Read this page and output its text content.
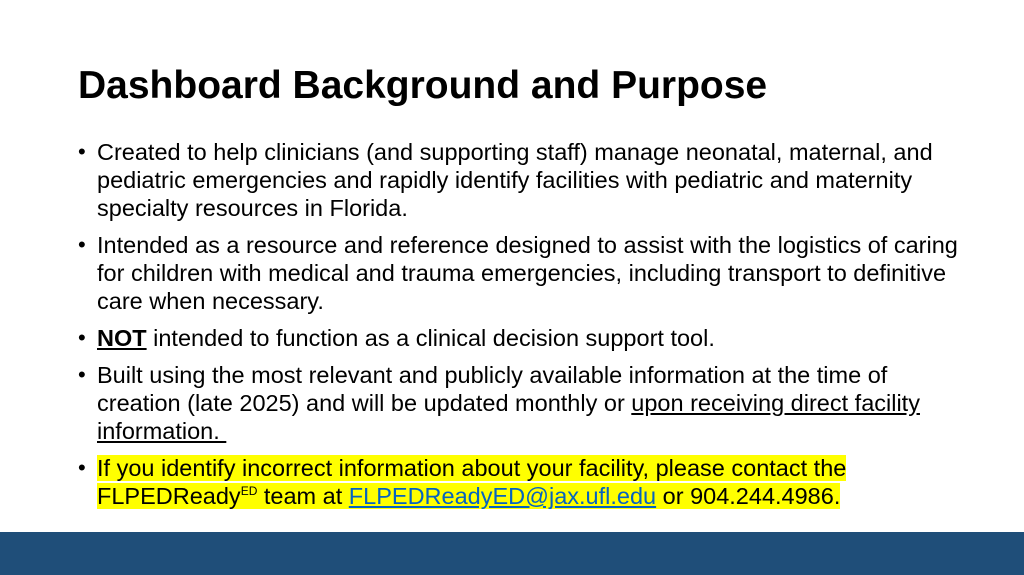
Dashboard Background and Purpose
• Created to help clinicians (and supporting staff) manage neonatal, maternal, and pediatric emergencies and rapidly identify facilities with pediatric and maternity specialty resources in Florida.
• Intended as a resource and reference designed to assist with the logistics of caring for children with medical and trauma emergencies, including transport to definitive care when necessary.
• NOT intended to function as a clinical decision support tool.
• Built using the most relevant and publicly available information at the time of creation (late 2025) and will be updated monthly or upon receiving direct facility information.
• If you identify incorrect information about your facility, please contact the FLPEDReady$^{ED}$ team at FLPEDReadyED@jax.ufl.edu or 904.244.4986.
